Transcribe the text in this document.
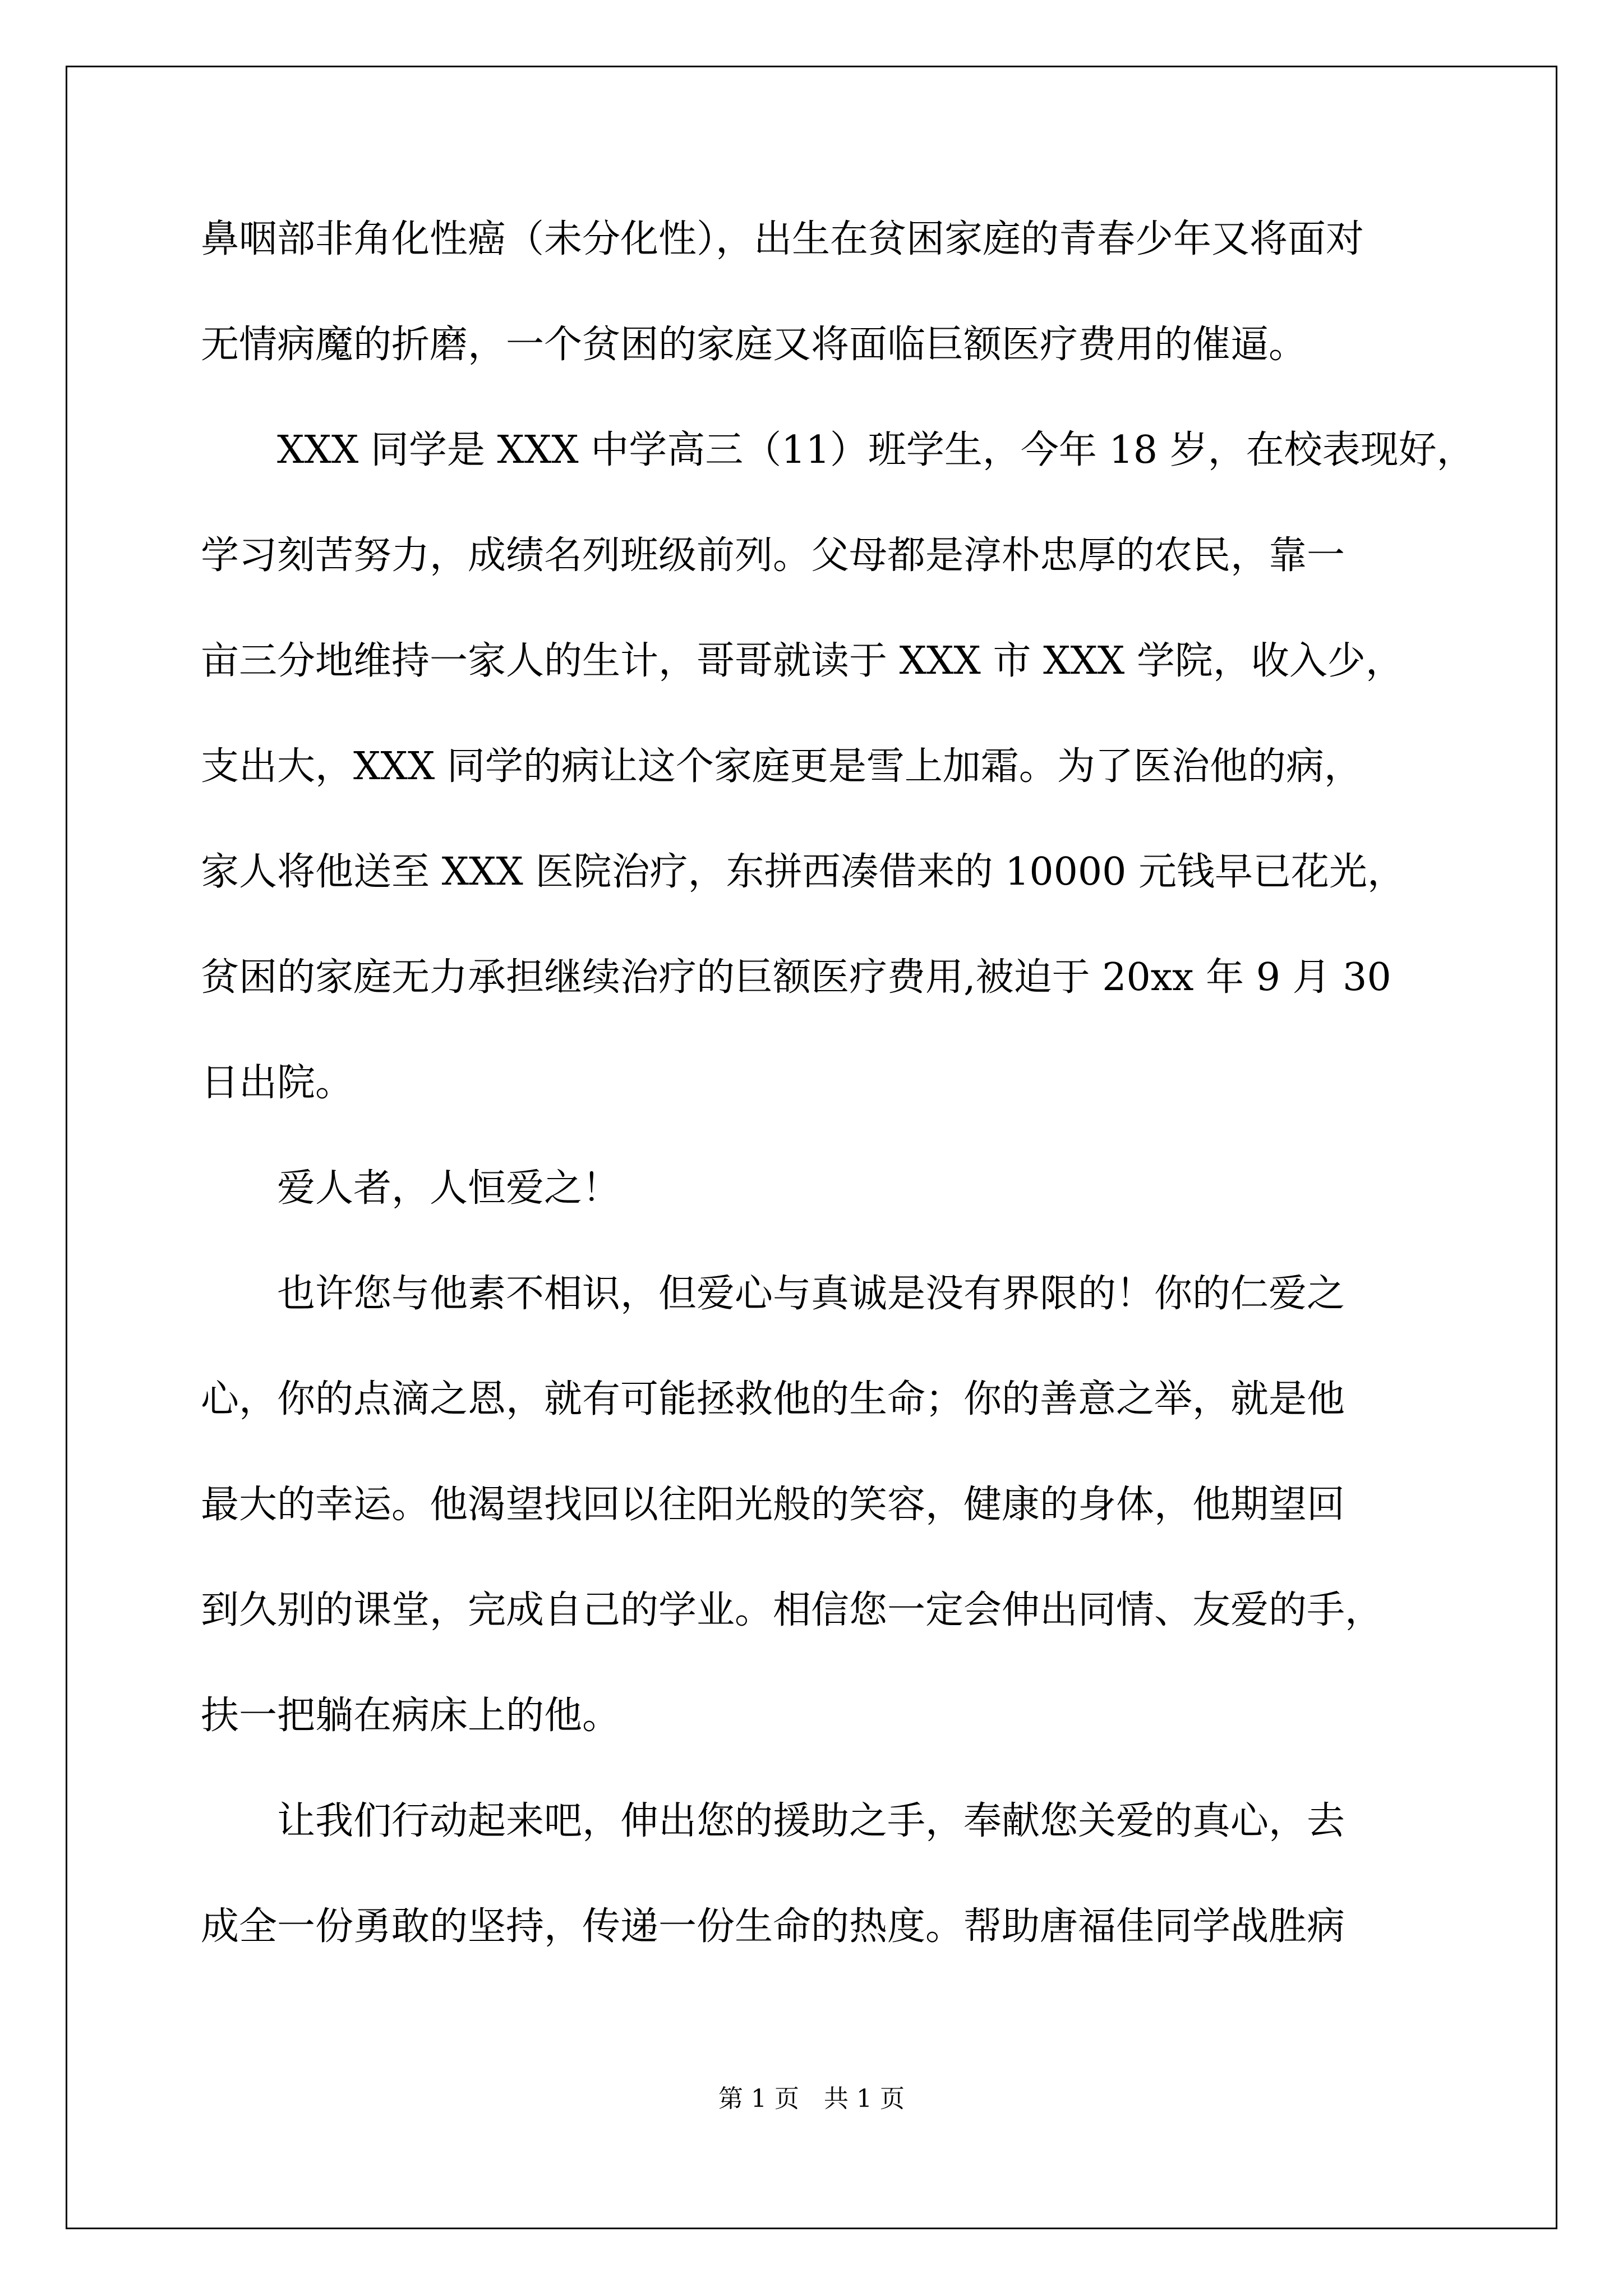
鼻咽部非角化性癌（未分化性），出生在贫困家庭的青春少年又将面对
无情病魔的折磨，一个贫困的家庭又将面临巨额医疗费用的催逼。
　　XXX 同学是 XXX 中学高三（11）班学生，今年 18 岁，在校表现好，
学习刻苦努力，成绩名列班级前列。父母都是淳朴忠厚的农民，靠一
亩三分地维持一家人的生计，哥哥就读于 XXX 市 XXX 学院，收入少，
支出大，XXX 同学的病让这个家庭更是雪上加霜。为了医治他的病，
家人将他送至 XXX 医院治疗，东拼西凑借来的 10000 元钱早已花光，
贫困的家庭无力承担继续治疗的巨额医疗费用,被迫于 20xx 年 9 月 30
日出院。
　　爱人者，人恒爱之！
　　也许您与他素不相识，但爱心与真诚是没有界限的！你的仁爱之
心，你的点滴之恩，就有可能拯救他的生命；你的善意之举，就是他
最大的幸运。他渴望找回以往阳光般的笑容，健康的身体，他期望回
到久别的课堂，完成自己的学业。相信您一定会伸出同情、友爱的手，
扶一把躺在病床上的他。
　　让我们行动起来吧，伸出您的援助之手，奉献您关爱的真心，去
成全一份勇敢的坚持，传递一份生命的热度。帮助唐福佳同学战胜病
第 1 页　共 1 页
